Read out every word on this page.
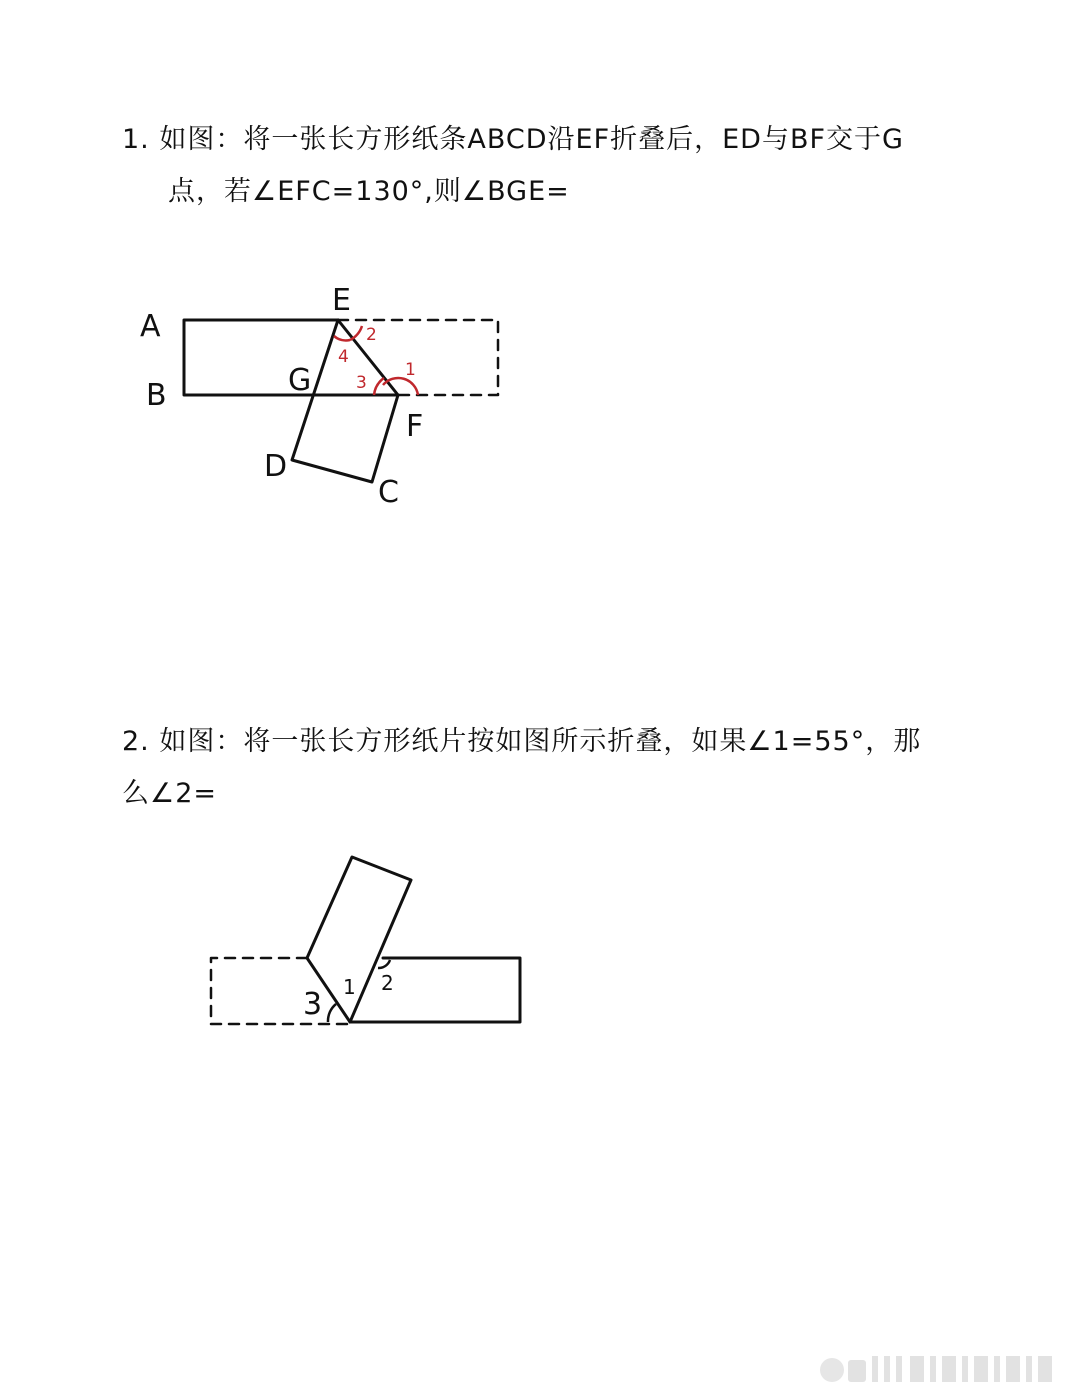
1. 如图：将一张长方形纸条ABCD沿EF折叠后，ED与BF交于G
点，若∠EFC=130°,则∠BGE=
2. 如图：将一张长方形纸片按如图所示折叠，如果∠1=55°，那
么∠2=
A
B
E
G
F
D
C
2
4
3
1
1 2
3
